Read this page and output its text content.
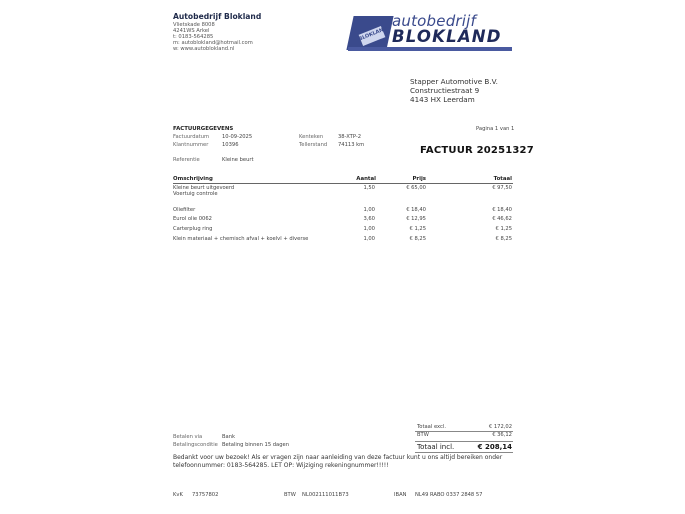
Autobedrijf Blokland
Vlietskade 8008
4241WS Arkel
t: 0183-564285
m: autoblokland@hotmail.com
w: www.autoblokland.nl
BLOKLAND
autobedrijf
BLOKLAND
Stapper Automotive B.V.
Constructiestraat 9
4143 HX Leerdam
Pagina 1 van 1
FACTUURGEGEVENS
Factuurdatum 10-09-2025
Klantnummer	10396
Kenteken	38-XTP-2
Tellerstand 74113 km
Referentie	Kleine beurt
FACTUUR 20251327
Omschrijving	Aantal	Prijs	Totaal
Kleine beurt uitgevoerd
Voertuig controle
1,50	€ 65,00	€ 97,50
Oliefilter	1,00	€ 18,40	€ 18,40
Eurol olie 0062	3,60	€ 12,95	€ 46,62
Carterplug ring	1,00	€ 1,25	€ 1,25
Klein materiaal + chemisch afval + koelvl + diverse	1,00	€ 8,25	€ 8,25
Totaal excl.	€ 172,02
BTW	€ 36,12
Totaal incl.	€ 208,14
Betalen via	Bank
Betalingsconditie Betaling binnen 15 dagen
Bedankt voor uw bezoek! Als er vragen zijn naar aanleiding van deze factuur kunt u ons altijd bereiken onder telefoonnummer: 0183-564285. LET OP: Wijziging rekeningnummer!!!!!
KvK 73757802	BTW NL002111011B73	IBAN NL49 RABO 0337 2848 57
